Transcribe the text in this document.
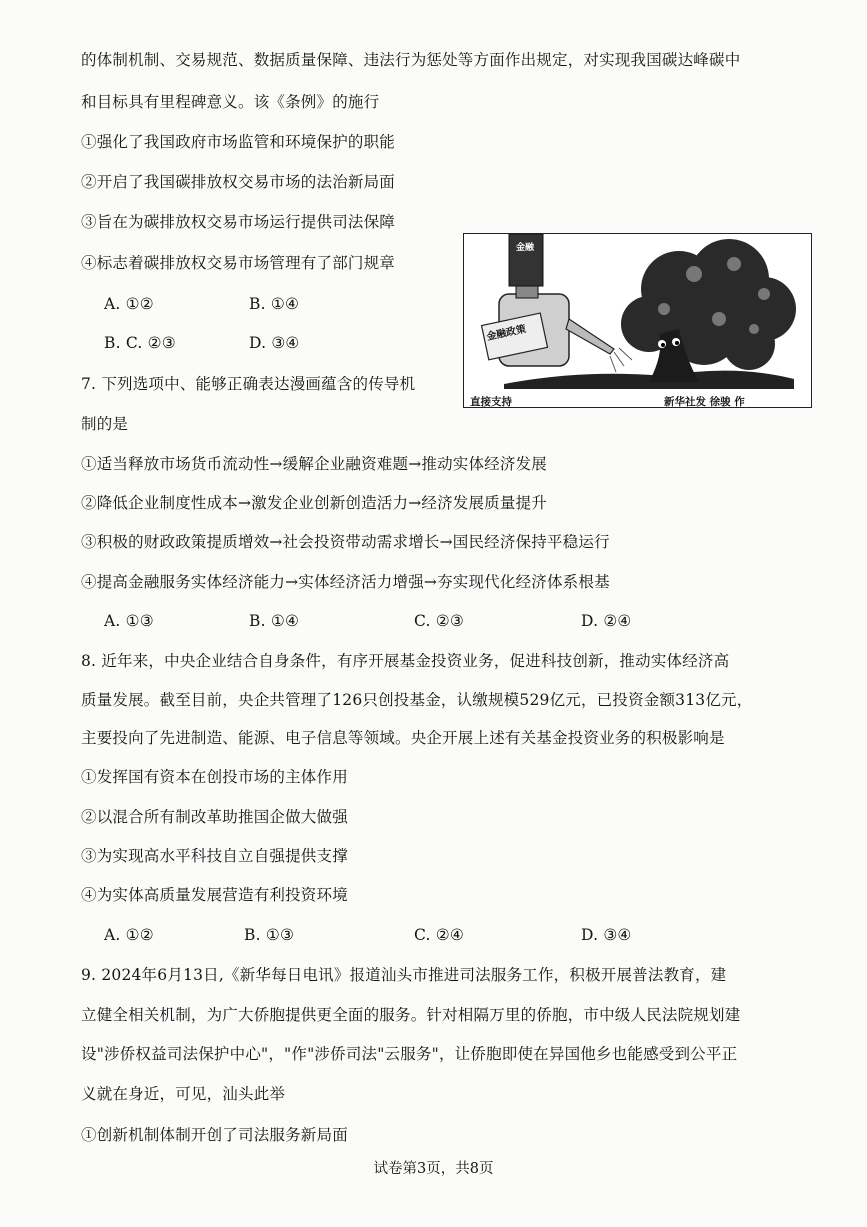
的体制机制、交易规范、数据质量保障、违法行为惩处等方面作出规定，对实现我国碳达峰碳中
和目标具有里程碑意义。该《条例》的施行
①强化了我国政府市场监管和环境保护的职能
②开启了我国碳排放权交易市场的法治新局面
③旨在为碳排放权交易市场运行提供司法保障
④标志着碳排放权交易市场管理有了部门规章
A. ①②	B. ①④
B. C. ②③	D. ③④
金融
金融政策
直接支持	新华社发 徐骏 作
7. 下列选项中、能够正确表达漫画蕴含的传导机
制的是
①适当释放市场货币流动性→缓解企业融资难题→推动实体经济发展
②降低企业制度性成本→激发企业创新创造活力→经济发展质量提升
③积极的财政政策提质增效→社会投资带动需求增长→国民经济保持平稳运行
④提高金融服务实体经济能力→实体经济活力增强→夯实现代化经济体系根基
A. ①③	B. ①④	C. ②③	D. ②④
8. 近年来，中央企业结合自身条件，有序开展基金投资业务，促进科技创新，推动实体经济高
质量发展。截至目前，央企共管理了126只创投基金，认缴规模529亿元，已投资金额313亿元，
主要投向了先进制造、能源、电子信息等领域。央企开展上述有关基金投资业务的积极影响是
①发挥国有资本在创投市场的主体作用
②以混合所有制改革助推国企做大做强
③为实现高水平科技自立自强提供支撑
④为实体高质量发展营造有利投资环境
A. ①②	B. ①③	C. ②④	D. ③④
9. 2024年6月13日,《新华每日电讯》报道汕头市推进司法服务工作，积极开展普法教育，建
立健全相关机制，为广大侨胞提供更全面的服务。针对相隔万里的侨胞，市中级人民法院规划建
设"涉侨权益司法保护中心"，"作"涉侨司法"云服务"，让侨胞即使在异国他乡也能感受到公平正
义就在身近，可见，汕头此举
①创新机制体制开创了司法服务新局面
试卷第3页，共8页
